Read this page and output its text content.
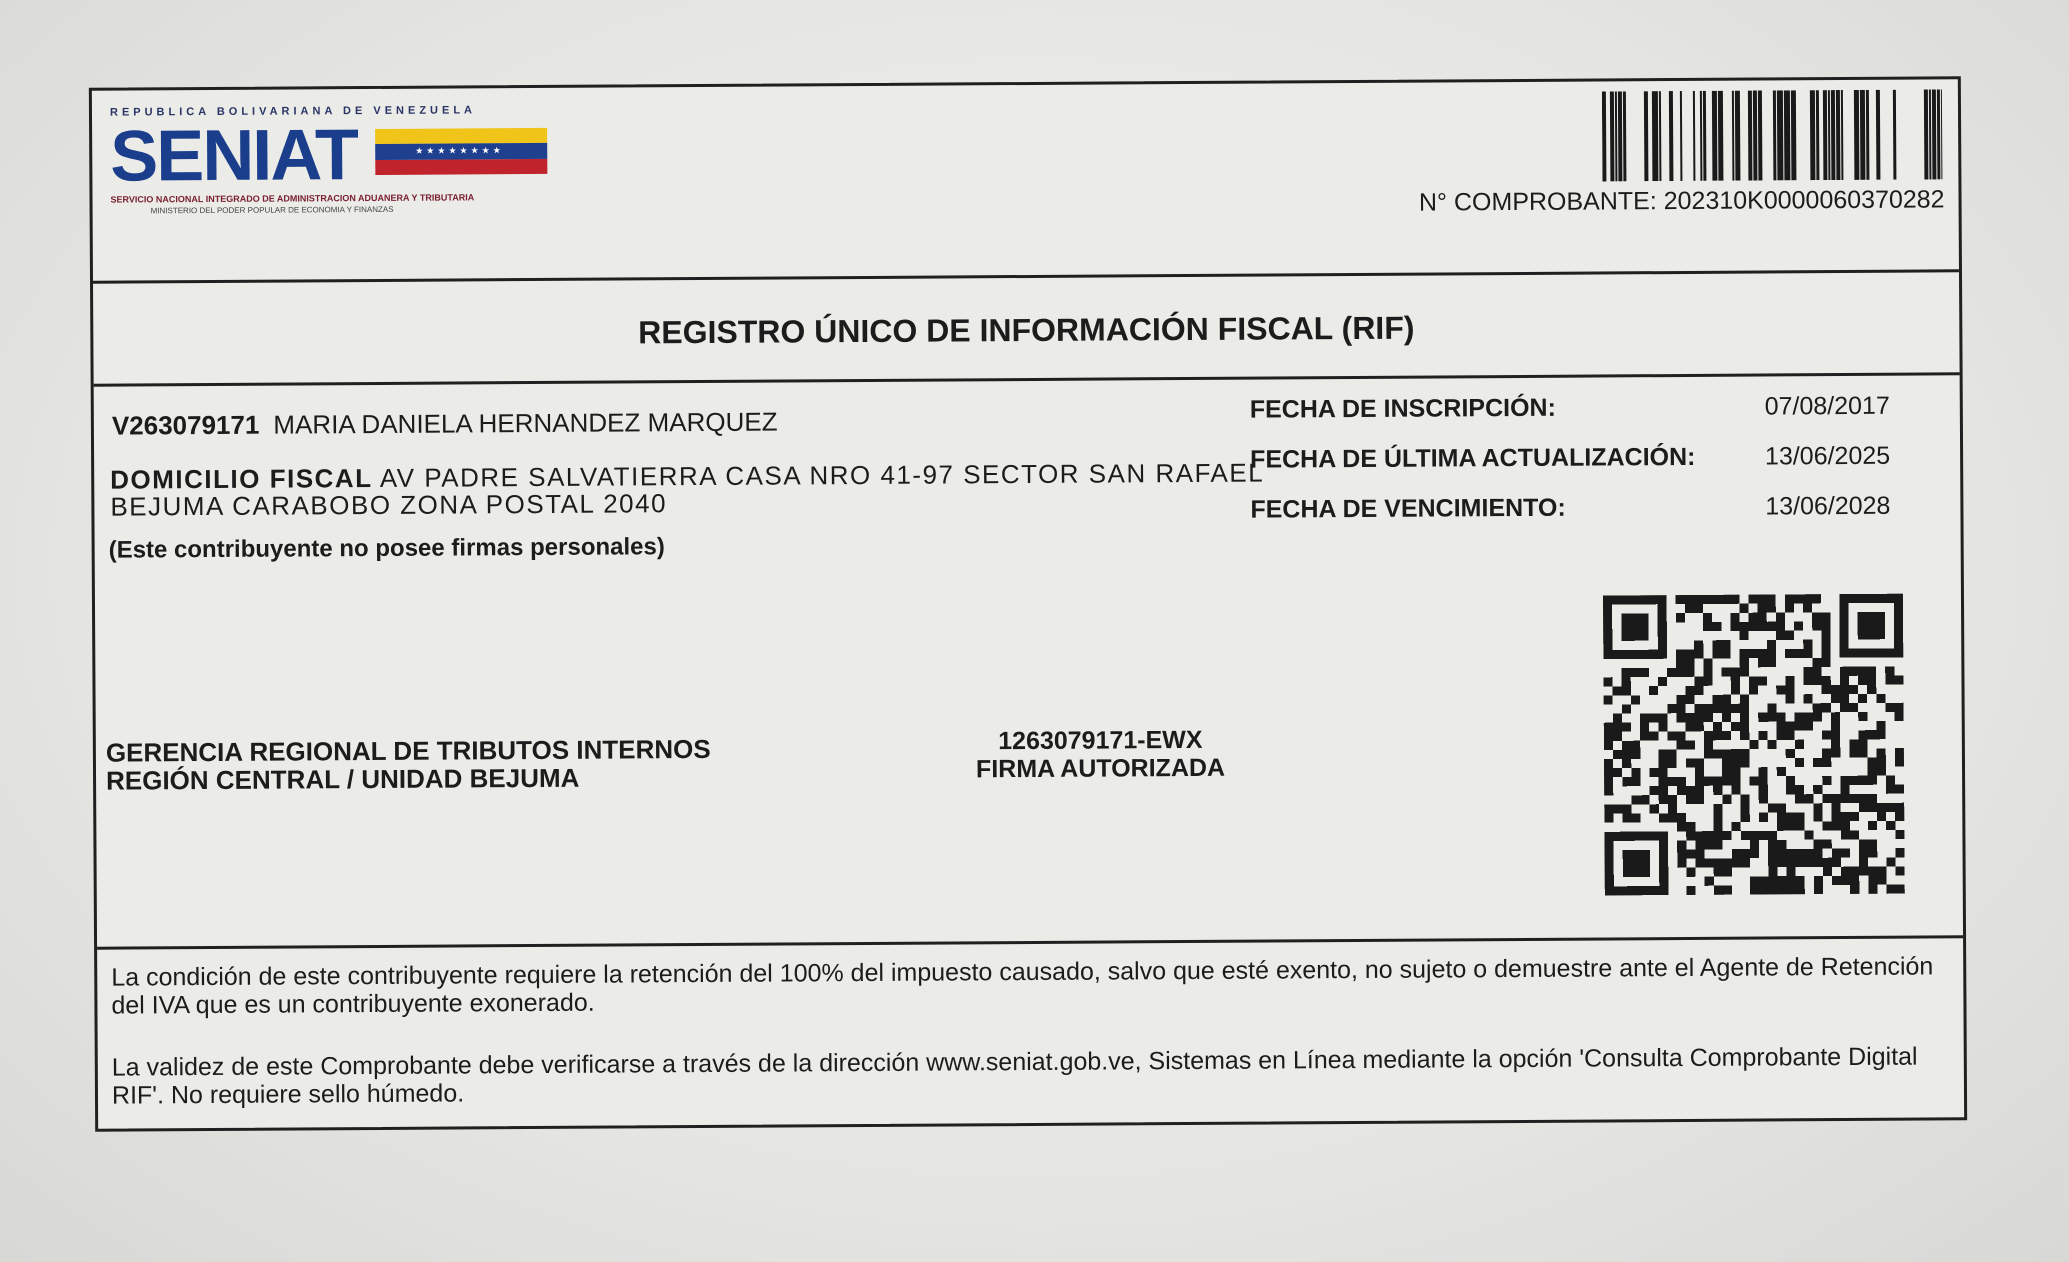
REPUBLICA BOLIVARIANA DE VENEZUELA
SENIAT	★★★★★★★★
SERVICIO NACIONAL INTEGRADO DE ADMINISTRACION ADUANERA Y TRIBUTARIA
MINISTERIO DEL PODER POPULAR DE ECONOMIA Y FINANZAS	N° COMPROBANTE: 202310K0000060370282
REGISTRO ÚNICO DE INFORMACIÓN FISCAL (RIF)
V263079171 MARIA DANIELA HERNANDEZ MARQUEZ
DOMICILIO FISCAL AV PADRE SALVATIERRA CASA NRO 41-97 SECTOR SAN RAFAEL BEJUMA CARABOBO ZONA POSTAL 2040
(Este contribuyente no posee firmas personales)
FECHA DE INSCRIPCIÓN:	07/08/2017
FECHA DE ÚLTIMA ACTUALIZACIÓN:	13/06/2025
FECHA DE VENCIMIENTO:	13/06/2028
GERENCIA REGIONAL DE TRIBUTOS INTERNOS
REGIÓN CENTRAL / UNIDAD BEJUMA
1263079171-EWX
FIRMA AUTORIZADA
La condición de este contribuyente requiere la retención del 100% del impuesto causado, salvo que esté exento, no sujeto o demuestre ante el Agente de Retención del IVA que es un contribuyente exonerado.
La validez de este Comprobante debe verificarse a través de la dirección www.seniat.gob.ve, Sistemas en Línea mediante la opción 'Consulta Comprobante Digital RIF'. No requiere sello húmedo.
